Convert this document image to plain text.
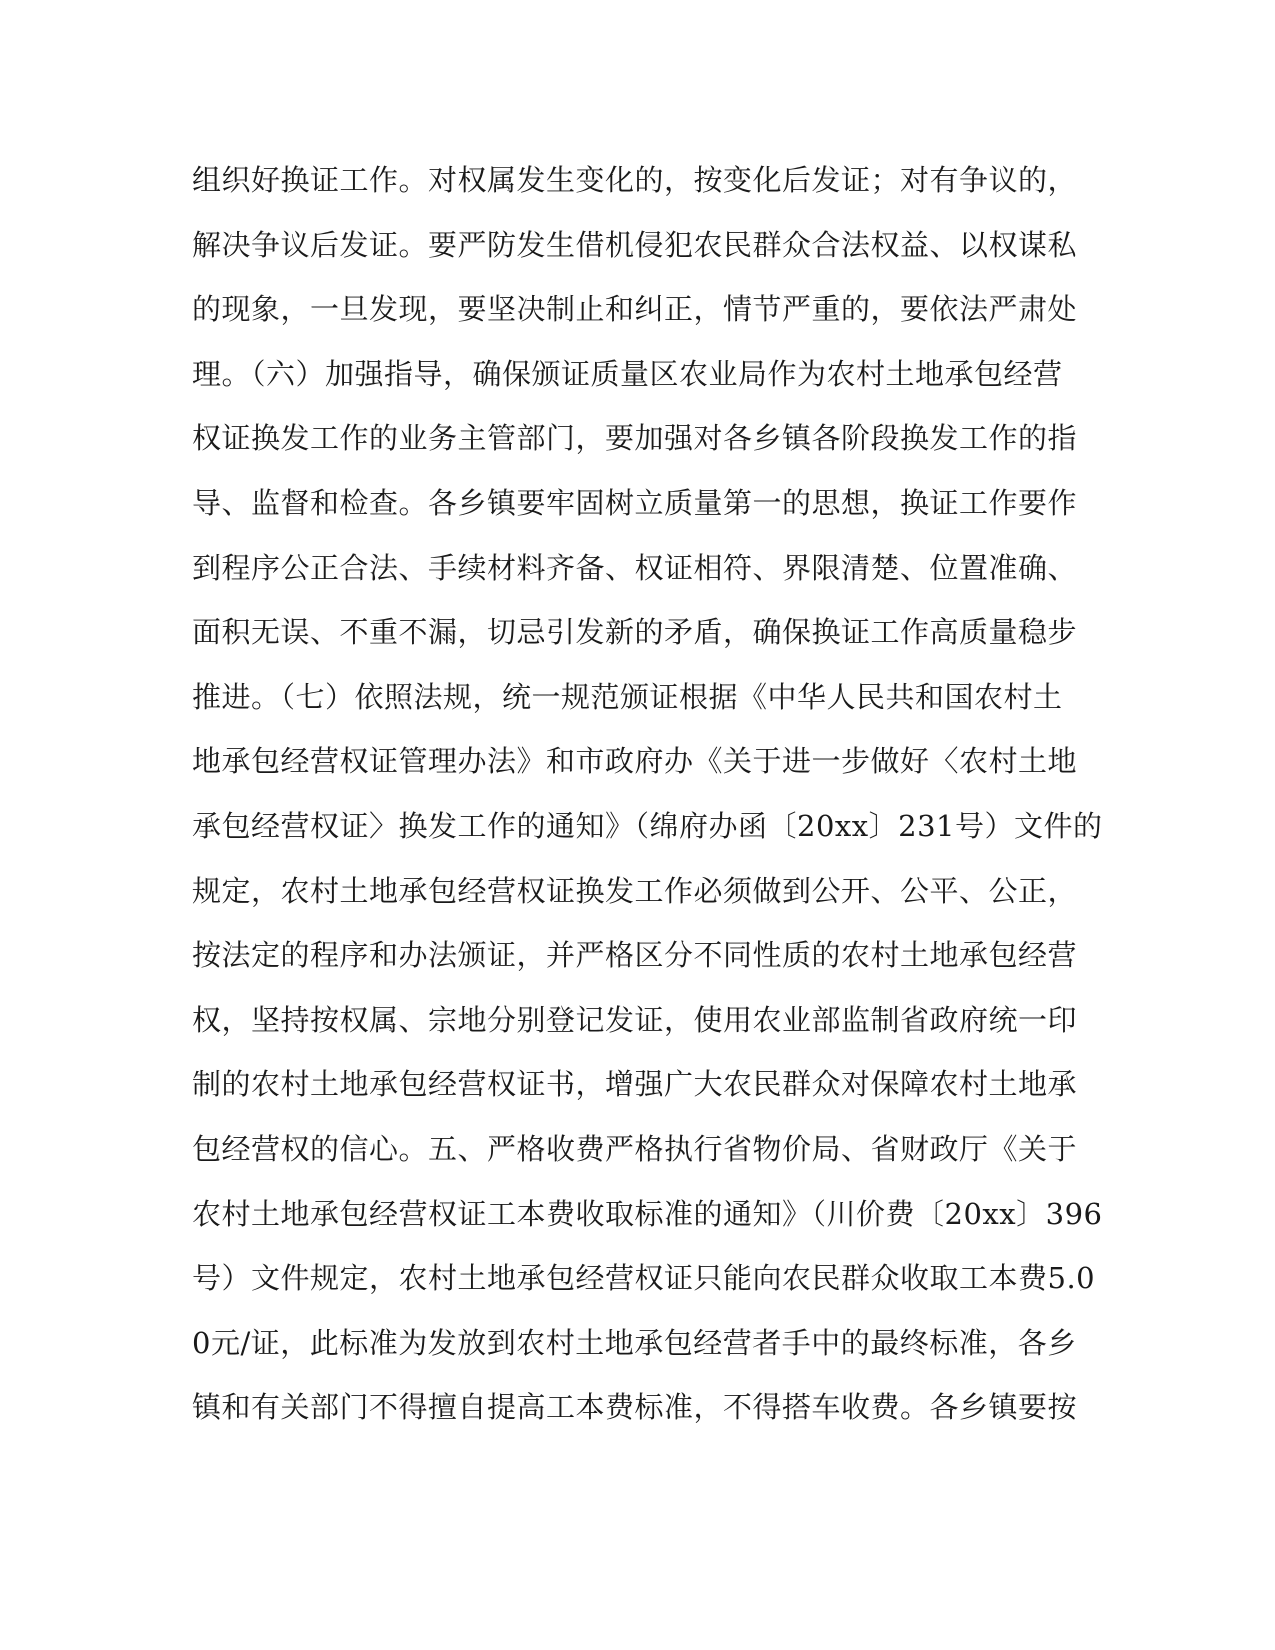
组织好换证工作。对权属发生变化的，按变化后发证；对有争议的，
解决争议后发证。要严防发生借机侵犯农民群众合法权益、以权谋私
的现象，一旦发现，要坚决制止和纠正，情节严重的，要依法严肃处
理。（六）加强指导，确保颁证质量区农业局作为农村土地承包经营
权证换发工作的业务主管部门，要加强对各乡镇各阶段换发工作的指
导、监督和检查。各乡镇要牢固树立质量第一的思想，换证工作要作
到程序公正合法、手续材料齐备、权证相符、界限清楚、位置准确、
面积无误、不重不漏，切忌引发新的矛盾，确保换证工作高质量稳步
推进。（七）依照法规，统一规范颁证根据《中华人民共和国农村土
地承包经营权证管理办法》和市政府办《关于进一步做好〈农村土地
承包经营权证〉换发工作的通知》（绵府办函〔20xx〕231号）文件的
规定，农村土地承包经营权证换发工作必须做到公开、公平、公正，
按法定的程序和办法颁证，并严格区分不同性质的农村土地承包经营
权，坚持按权属、宗地分别登记发证，使用农业部监制省政府统一印
制的农村土地承包经营权证书，增强广大农民群众对保障农村土地承
包经营权的信心。五、严格收费严格执行省物价局、省财政厅《关于
农村土地承包经营权证工本费收取标准的通知》（川价费〔20xx〕396
号）文件规定，农村土地承包经营权证只能向农民群众收取工本费5.0
0元/证，此标准为发放到农村土地承包经营者手中的最终标准，各乡
镇和有关部门不得擅自提高工本费标准，不得搭车收费。各乡镇要按
